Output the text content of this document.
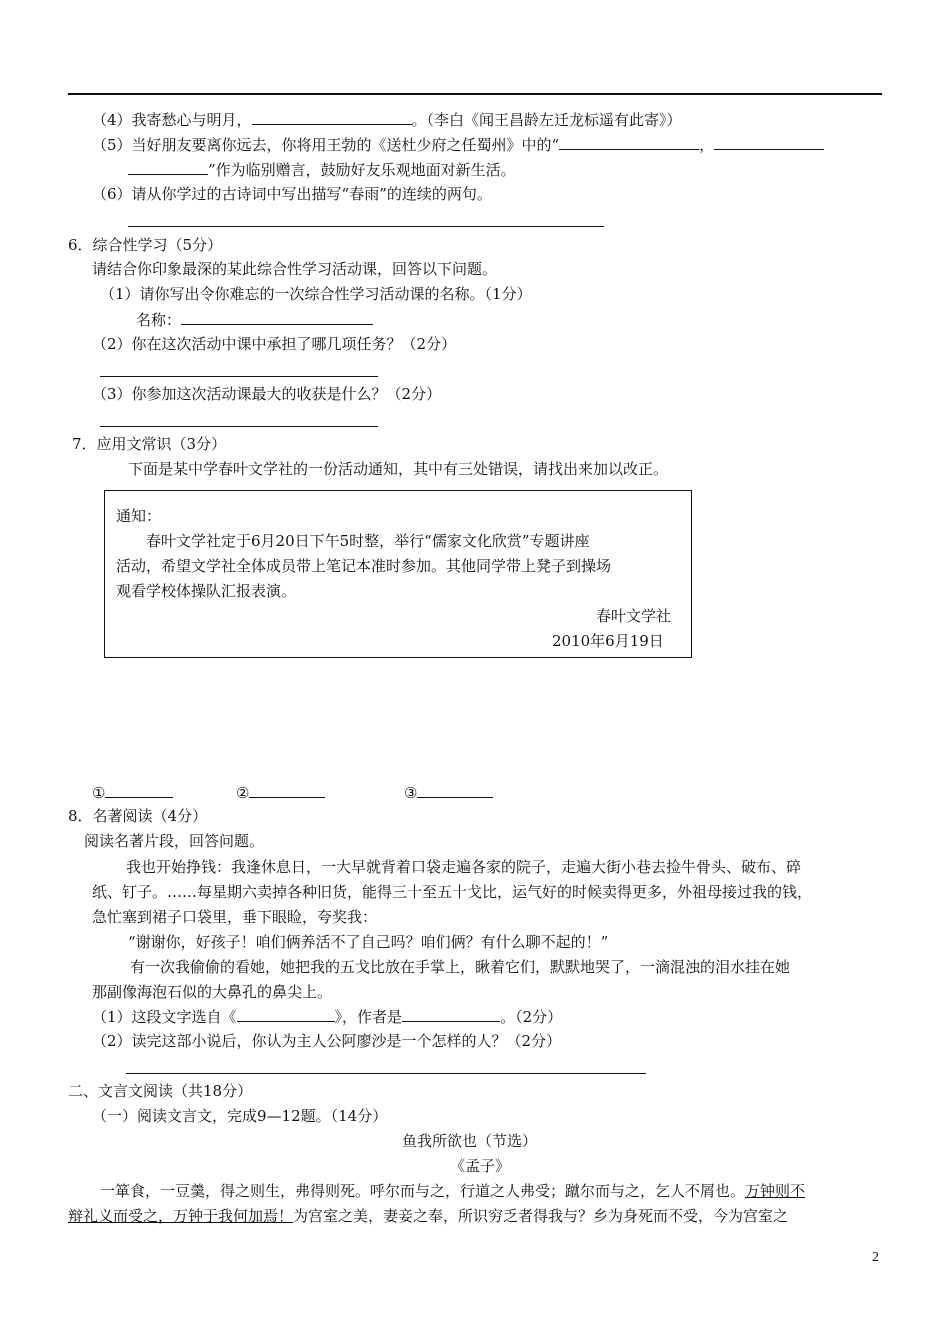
（4）我寄愁心与明月，	。（李白《闻王昌龄左迁龙标遥有此寄》）
（5）当好朋友要离你远去，你将用王勃的《送杜少府之任蜀州》中的“	，
”作为临别赠言，鼓励好友乐观地面对新生活。
（6）请从你学过的古诗词中写出描写“春雨”的连续的两句。
6．综合性学习（5分）
请结合你印象最深的某此综合性学习活动课，回答以下问题。
（1）请你写出令你难忘的一次综合性学习活动课的名称。（1分）
名称：
（2）你在这次活动中课中承担了哪几项任务？（2分）
（3）你参加这次活动课最大的收获是什么？（2分）
7．应用文常识（3分）
下面是某中学春叶文学社的一份活动通知，其中有三处错误，请找出来加以改正。
通知：
春叶文学社定于6月20日下午5时整，举行“儒家文化欣赏”专题讲座
活动，希望文学社全体成员带上笔记本准时参加。其他同学带上凳子到操场
观看学校体操队汇报表演。
春叶文学社
2010年6月19日
①	②	③
8．名著阅读（4分）
阅读名著片段，回答问题。
我也开始挣钱：我逢休息日，一大早就背着口袋走遍各家的院子，走遍大街小巷去捡牛骨头、破布、碎
纸、钉子。……每星期六卖掉各种旧货，能得三十至五十戈比，运气好的时候卖得更多，外祖母接过我的钱，
急忙塞到裙子口袋里，垂下眼睑，夸奖我：
“谢谢你，好孩子！咱们俩养活不了自己吗？咱们俩？有什么聊不起的！”
有一次我偷偷的看她，她把我的五戈比放在手掌上，瞅着它们，默默地哭了，一滴混浊的泪水挂在她
那副像海泡石似的大鼻孔的鼻尖上。
（1）这段文字选自《	》，作者是	。（2分）
（2）读完这部小说后，你认为主人公阿廖沙是一个怎样的人？（2分）
二、文言文阅读（共18分）
（一）阅读文言文，完成9—12题。（14分）
鱼我所欲也（节选）
《孟子》
一箪食，一豆羹，得之则生，弗得则死。呼尔而与之，行道之人弗受；蹴尔而与之，乞人不屑也。万钟则不
辩礼义而受之，万钟于我何加焉！为宫室之美，妻妾之奉，所识穷乏者得我与？乡为身死而不受，今为宫室之
2
